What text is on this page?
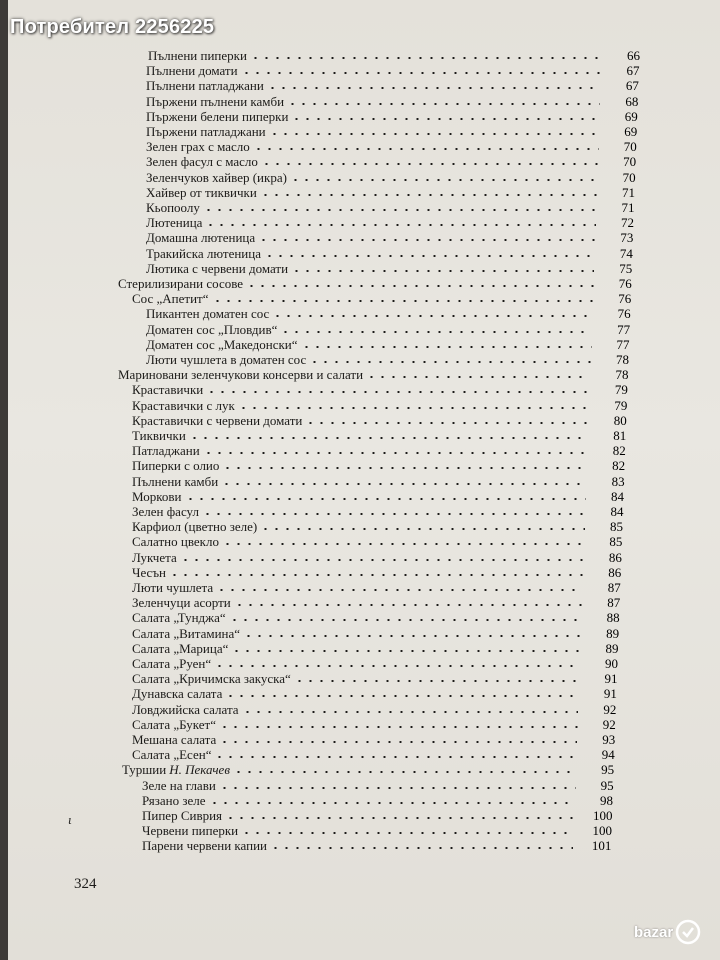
Потребител 2256225
Пълнени пиперки	66
Пълнени домати	67
Пълнени патладжани	67
Пържени пълнени камби	68
Пържени белени пиперки	69
Пържени патладжани	69
Зелен грах с масло	70
Зелен фасул с масло	70
Зеленчуков хайвер (икра)	70
Хайвер от тиквички	71
Кьопоолу	71
Лютеница	72
Домашна лютеница	73
Тракийска лютеница	74
Лютика с червени домати	75
Стерилизирани сосове	76
Сос „Апетит“	76
Пикантен доматен сос	76
Доматен сос „Пловдив“	77
Доматен сос „Македонски“	77
Люти чушлета в доматен сос	78
Маринoвани зеленчукови консерви и салати	78
Краставички	79
Краставички с лук	79
Краставички с червени домати	80
Тиквички	81
Патладжани	82
Пиперки с олио	82
Пълнени камби	83
Моркови	84
Зелен фасул	84
Карфиол (цветно зеле)	85
Салатно цвекло	85
Лукчета	86
Чесън	86
Люти чушлета	87
Зеленчуци асорти	87
Салата „Тунджа“	88
Салата „Витамина“	89
Салата „Марица“	89
Салата „Руен“	90
Салата „Кричимска закуска“	91
Дунавска салата	91
Ловджийска салата	92
Салата „Букет“	92
Мешана салата	93
Салата „Есен“	94
Туршии Н. Пекачев	95
Зеле на глави	95
Рязано зеле	98
Пипер Сиврия	100
Червени пиперки	100
Парени червени капии	101
ι
324
bazar
